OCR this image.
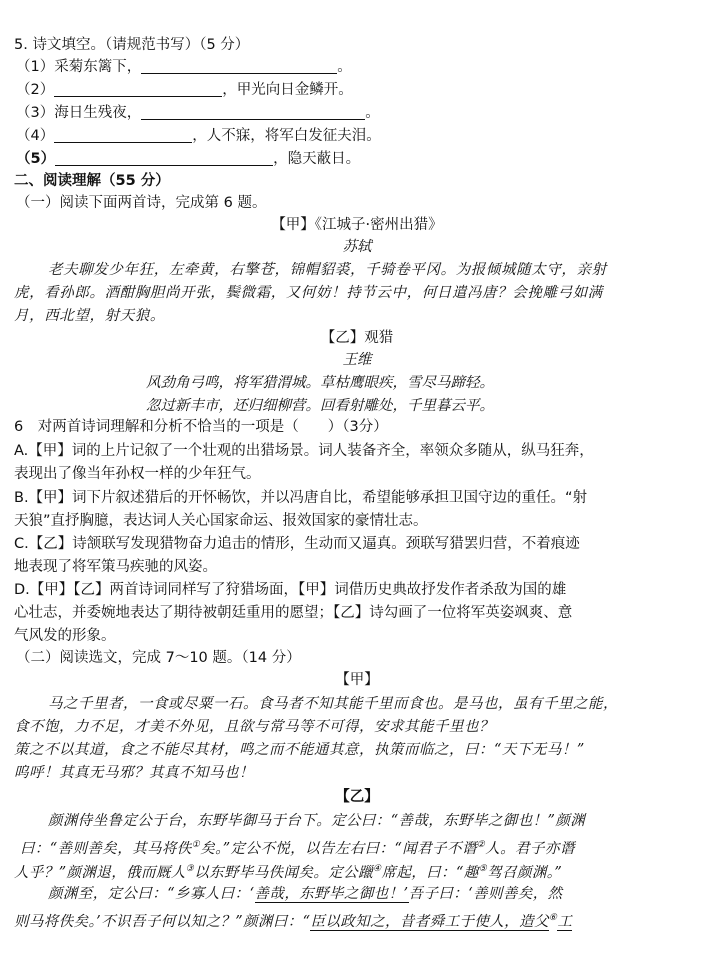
5. 诗文填空。（请规范书写）（5 分）
（1）采菊东篱下，	。
（2）	，甲光向日金鳞开。
（3）海日生残夜，	。
（4）	，人不寐，将军白发征夫泪。
（5）	，隐天蔽日。
二、阅读理解（55 分）
（一）阅读下面两首诗，完成第 6 题。
【甲】《江城子·密州出猎》
苏轼
老夫聊发少年狂，左牵黄，右擎苍，锦帽貂裘，千骑卷平冈。为报倾城随太守，亲射
虎，看孙郎。酒酣胸胆尚开张，鬓微霜，又何妨！持节云中，何日遣冯唐？会挽雕弓如满
月，西北望，射天狼。
【乙】观猎
王维
风劲角弓鸣，将军猎渭城。草枯鹰眼疾，雪尽马蹄轻。
忽过新丰市，还归细柳营。回看射雕处，千里暮云平。
6　对两首诗词理解和分析不恰当的一项是（　　）（3分）
A.【甲】词的上片记叙了一个壮观的出猎场景。词人装备齐全，率领众多随从，纵马狂奔，
表现出了像当年孙权一样的少年狂气。
B.【甲】词下片叙述猎后的开怀畅饮，并以冯唐自比，希望能够承担卫国守边的重任。“射
天狼”直抒胸臆，表达词人关心国家命运、报效国家的豪情壮志。
C.【乙】诗颔联写发现猎物奋力追击的情形，生动而又逼真。颈联写猎罢归营，不着痕迹
地表现了将军策马疾驰的风姿。
D.【甲】【乙】两首诗词同样写了狩猎场面，【甲】词借历史典故抒发作者杀敌为国的雄
心壮志，并委婉地表达了期待被朝廷重用的愿望；【乙】诗勾画了一位将军英姿飒爽、意
气风发的形象。
（二）阅读选文，完成 7～10 题。（14 分）
【甲】
马之千里者，一食或尽粟一石。食马者不知其能千里而食也。是马也，虽有千里之能，
食不饱，力不足，才美不外见，且欲与常马等不可得，安求其能千里也？
策之不以其道，食之不能尽其材，鸣之而不能通其意，执策而临之，曰：“天下无马！”
呜呼！其真无马邪？其真不知马也！
【乙】
颜渊侍坐鲁定公于台，东野毕御马于台下。定公曰：“善哉，东野毕之御也！”颜渊
曰：“善则善矣，其马将佚①矣。”定公不悦，以告左右曰：“闻君子不谮②人。君子亦谮
人乎？”颜渊退，俄而厩人③以东野毕马佚闻矣。定公躐④席起，曰：“趣⑤驾召颜渊。”
颜渊至，定公曰：“乡寡人曰：‘善哉，东野毕之御也！’吾子曰：‘善则善矣，然
则马将佚矣。’不识吾子何以知之？”颜渊曰：“臣以政知之，昔者舜工于使人，造父⑥工
